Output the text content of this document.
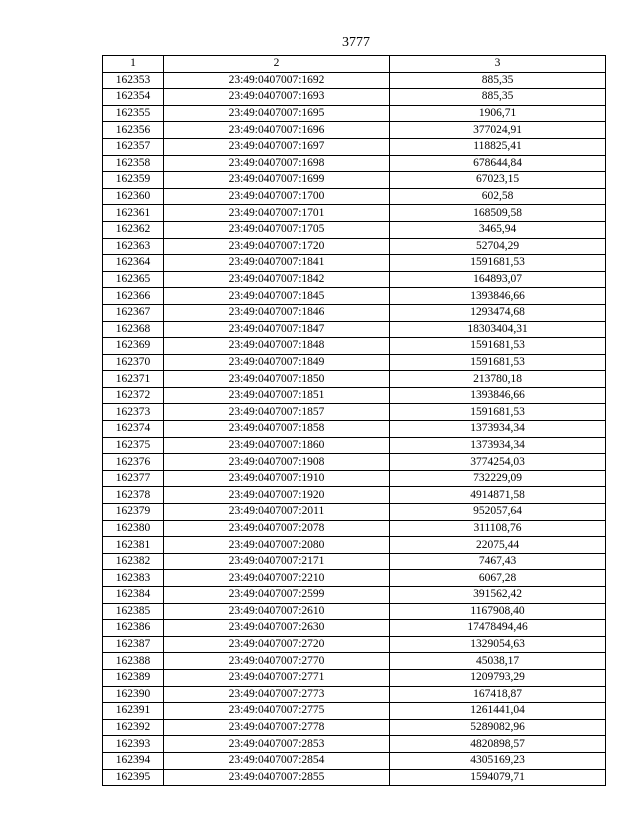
3777
1	2	3
162353	23:49:0407007:1692	885,35
162354	23:49:0407007:1693	885,35
162355	23:49:0407007:1695	1906,71
162356	23:49:0407007:1696	377024,91
162357	23:49:0407007:1697	118825,41
162358	23:49:0407007:1698	678644,84
162359	23:49:0407007:1699	67023,15
162360	23:49:0407007:1700	602,58
162361	23:49:0407007:1701	168509,58
162362	23:49:0407007:1705	3465,94
162363	23:49:0407007:1720	52704,29
162364	23:49:0407007:1841	1591681,53
162365	23:49:0407007:1842	164893,07
162366	23:49:0407007:1845	1393846,66
162367	23:49:0407007:1846	1293474,68
162368	23:49:0407007:1847	18303404,31
162369	23:49:0407007:1848	1591681,53
162370	23:49:0407007:1849	1591681,53
162371	23:49:0407007:1850	213780,18
162372	23:49:0407007:1851	1393846,66
162373	23:49:0407007:1857	1591681,53
162374	23:49:0407007:1858	1373934,34
162375	23:49:0407007:1860	1373934,34
162376	23:49:0407007:1908	3774254,03
162377	23:49:0407007:1910	732229,09
162378	23:49:0407007:1920	4914871,58
162379	23:49:0407007:2011	952057,64
162380	23:49:0407007:2078	311108,76
162381	23:49:0407007:2080	22075,44
162382	23:49:0407007:2171	7467,43
162383	23:49:0407007:2210	6067,28
162384	23:49:0407007:2599	391562,42
162385	23:49:0407007:2610	1167908,40
162386	23:49:0407007:2630	17478494,46
162387	23:49:0407007:2720	1329054,63
162388	23:49:0407007:2770	45038,17
162389	23:49:0407007:2771	1209793,29
162390	23:49:0407007:2773	167418,87
162391	23:49:0407007:2775	1261441,04
162392	23:49:0407007:2778	5289082,96
162393	23:49:0407007:2853	4820898,57
162394	23:49:0407007:2854	4305169,23
162395	23:49:0407007:2855	1594079,71
